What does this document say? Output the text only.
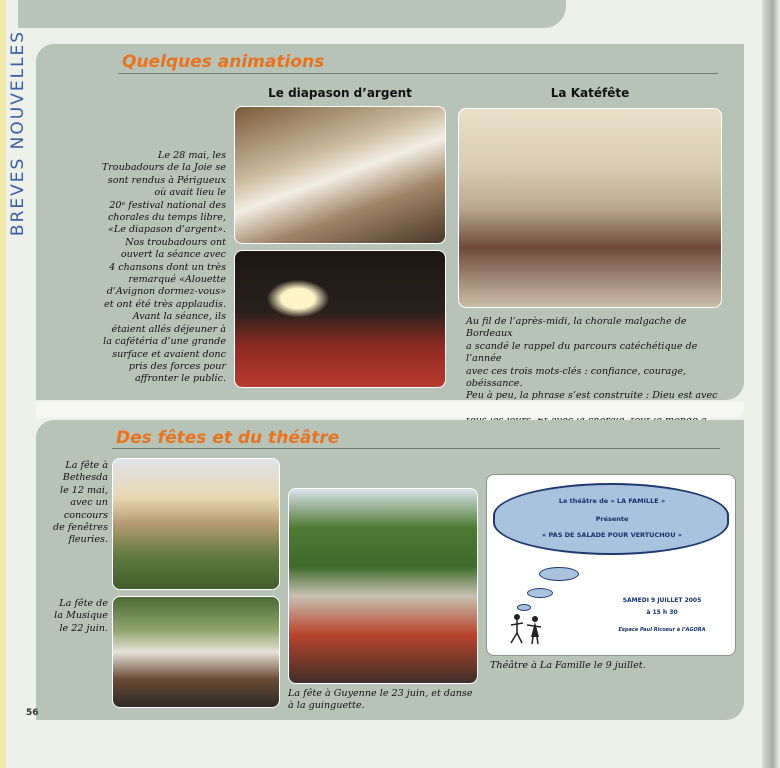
BREVES NOUVELLES	Quelques animations
Le diapason d’argent	La Katéfête
Le 28 mai, les
Troubadours de la Joie se
sont rendus à Périgueux
où avait lieu le
20ᵉ festival national des
chorales du temps libre,
«Le diapason d’argent».
Nos troubadours ont
ouvert la séance avec
4 chansons dont un très
remarqué «Alouette
d’Avignon dormez-vous»
et ont été très applaudis.
Avant la séance, ils
étaient allés déjeuner à
la cafétéria d’une grande
surface et avaient donc
pris des forces pour
affronter le public.
Au fil de l’après-midi, la chorale malgache de Bordeaux
a scandé le rappel du parcours catéchétique de l’année
avec ces trois mots-clés : confiance, courage, obéissance.
Peu à peu, la phrase s’est construite : Dieu est avec
Des fêtes et du théâtre
La fête à
Bethesda
le 12 mai,
avec un
concours
de fenêtres
fleuries.
La fête de
la Musique
le 22 juin.
La fête à Guyenne le 23 juin, et danse
à la guinguette.
Le théâtre de « LA FAMILLE »
Présente
« PAS DE SALADE POUR VERTUCHOU »
SAMEDI 9 JUILLET 2005
à 15 h 30
Espace Paul Ricoeur à l’AGORA
Théâtre à La Famille le 9 juillet.
56
